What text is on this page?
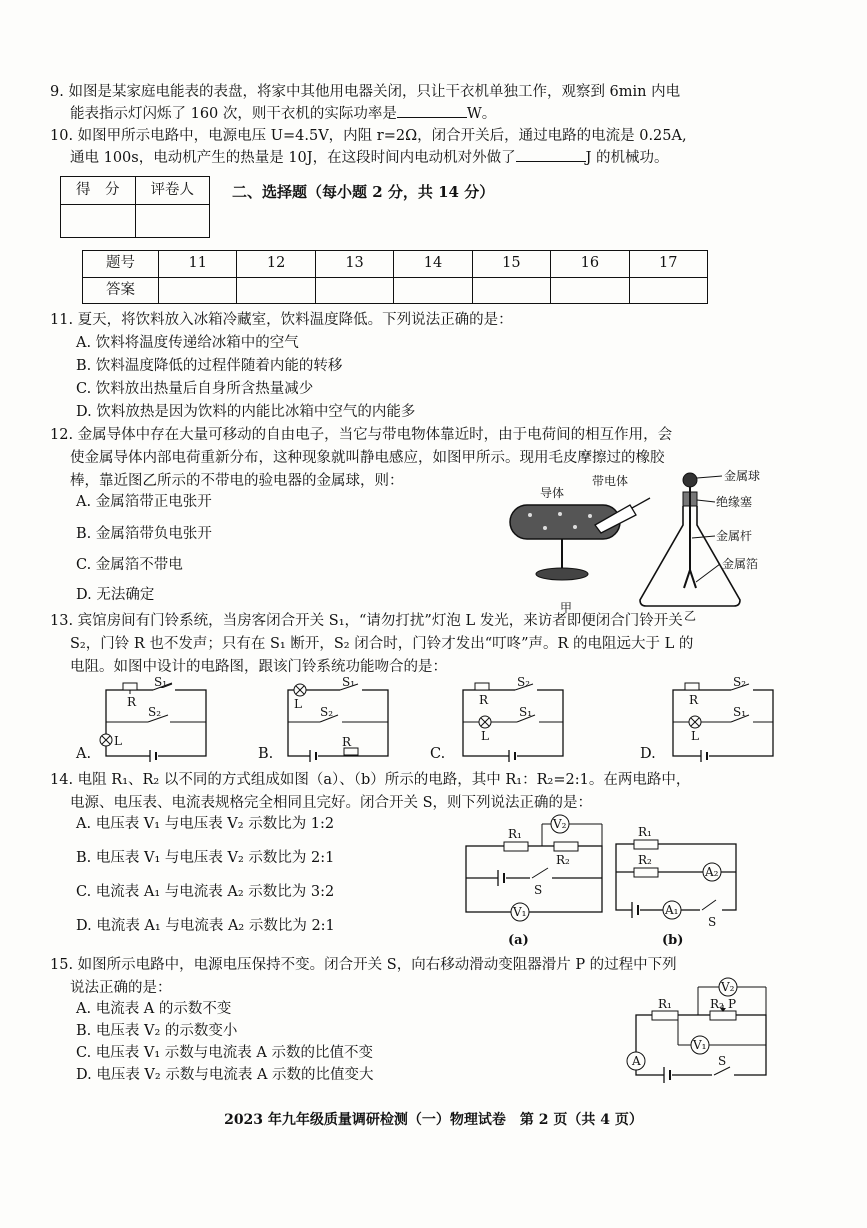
9. 如图是某家庭电能表的表盘，将家中其他用电器关闭，只让干衣机单独工作，观察到 6min 内电
能表指示灯闪烁了 160 次，则干衣机的实际功率是	W。
10. 如图甲所示电路中，电源电压 U=4.5V，内阻 r=2Ω，闭合开关后，通过电路的电流是 0.25A,
通电 100s，电动机产生的热量是 10J，在这段时间内电动机对外做了	J 的机械功。
得　分	评卷人
		二、选择题（每小题 2 分，共 14 分）
题号	11	12	13	14	15	16	17
答案							
11. 夏天，将饮料放入冰箱冷藏室，饮料温度降低。下列说法正确的是：
A. 饮料将温度传递给冰箱中的空气
B. 饮料温度降低的过程伴随着内能的转移
C. 饮料放出热量后自身所含热量减少
D. 饮料放热是因为饮料的内能比冰箱中空气的内能多
12. 金属导体中存在大量可移动的自由电子，当它与带电物体靠近时，由于电荷间的相互作用，会
使金属导体内部电荷重新分布，这种现象就叫静电感应，如图甲所示。现用毛皮摩擦过的橡胶
棒，靠近图乙所示的不带电的验电器的金属球，则：
A. 金属箔带正电张开
B. 金属箔带负电张开
C. 金属箔不带电
D. 无法确定
导体
带电体
甲
金属球
绝缘塞
金属杆
金属箔
乙
13. 宾馆房间有门铃系统，当房客闭合开关 S₁，“请勿打扰”灯泡 L 发光，来访者即便闭合门铃开关
S₂，门铃 R 也不发声；只有在 S₁ 断开，S₂ 闭合时，门铃才发出“叮咚”声。R 的电阻远大于 L 的
电阻。如图中设计的电路图，跟该门铃系统功能吻合的是：
A.	B.	C.	D.
R
L
S₁
S₂
L
S₁
S₂
R
R
L
S₂
S₁
R
L
S₂
S₁
14. 电阻 R₁、R₂ 以不同的方式组成如图（a）、（b）所示的电路，其中 R₁：R₂=2:1。在两电路中，
电源、电压表、电流表规格完全相同且完好。闭合开关 S，则下列说法正确的是：
A. 电压表 V₁ 与电压表 V₂ 示数比为 1:2
B. 电压表 V₁ 与电压表 V₂ 示数比为 2:1
C. 电流表 A₁ 与电流表 A₂ 示数比为 3:2
D. 电流表 A₁ 与电流表 A₂ 示数比为 2:1
R₁
V₂
R₂
S
V₁
(a)
R₁
R₂
A₂
A₁
S
(b)
15. 如图所示电路中，电源电压保持不变。闭合开关 S，向右移动滑动变阻器滑片 P 的过程中下列
说法正确的是：
A. 电流表 A 的示数不变
B. 电压表 V₂ 的示数变小
C. 电压表 V₁ 示数与电流表 A 示数的比值不变
D. 电压表 V₂ 示数与电流表 A 示数的比值变大
R₁	R₂ P
V₂
V₁
A	S
2023 年九年级质量调研检测（一）物理试卷　第 2 页（共 4 页）
